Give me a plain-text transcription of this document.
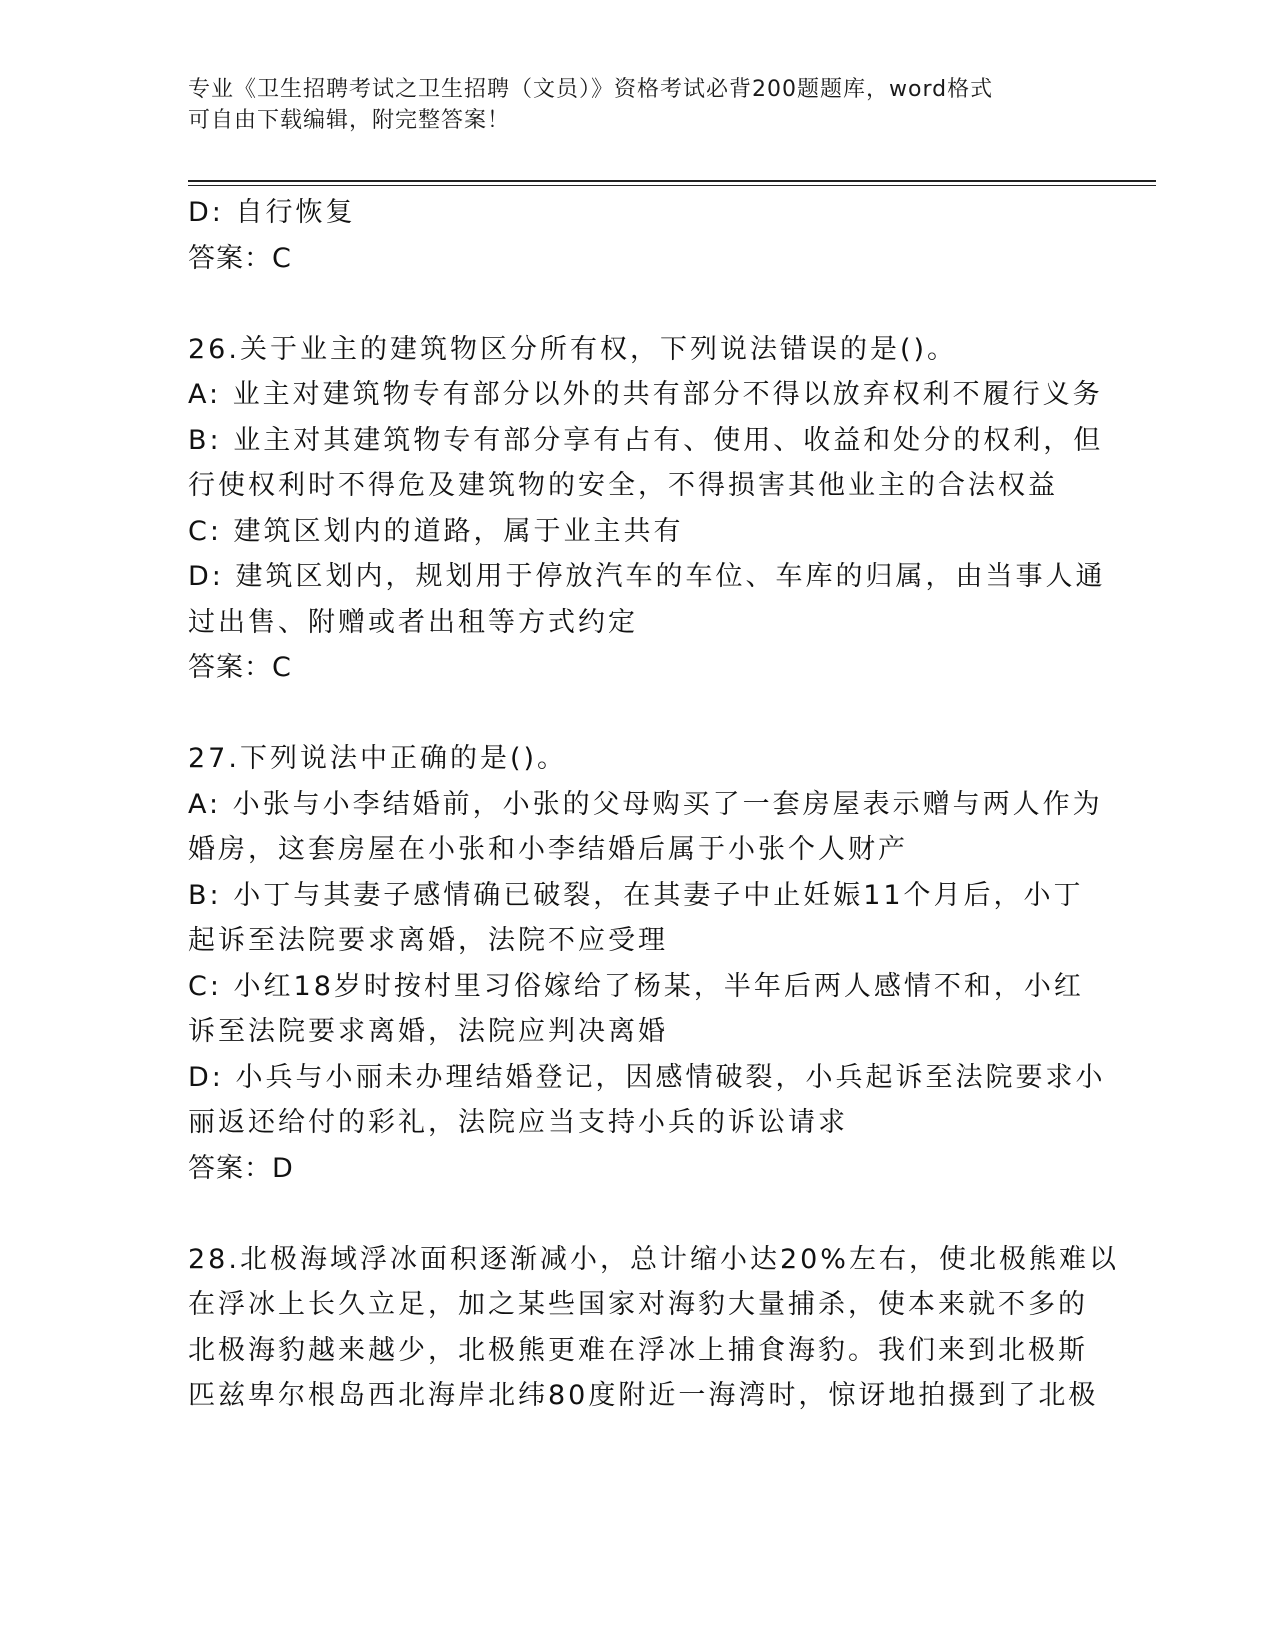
专业《卫生招聘考试之卫生招聘（文员）》资格考试必背200题题库，word格式
可自由下载编辑，附完整答案！
D: 自行恢复
答案：C
26.关于业主的建筑物区分所有权，下列说法错误的是()。
A: 业主对建筑物专有部分以外的共有部分不得以放弃权利不履行义务
B: 业主对其建筑物专有部分享有占有、使用、收益和处分的权利，但
行使权利时不得危及建筑物的安全，不得损害其他业主的合法权益
C: 建筑区划内的道路，属于业主共有
D: 建筑区划内，规划用于停放汽车的车位、车库的归属，由当事人通
过出售、附赠或者出租等方式约定
答案：C
27.下列说法中正确的是()。
A: 小张与小李结婚前，小张的父母购买了一套房屋表示赠与两人作为
婚房，这套房屋在小张和小李结婚后属于小张个人财产
B: 小丁与其妻子感情确已破裂，在其妻子中止妊娠11个月后，小丁
起诉至法院要求离婚，法院不应受理
C: 小红18岁时按村里习俗嫁给了杨某，半年后两人感情不和，小红
诉至法院要求离婚，法院应判决离婚
D: 小兵与小丽未办理结婚登记，因感情破裂，小兵起诉至法院要求小
丽返还给付的彩礼，法院应当支持小兵的诉讼请求
答案：D
28.北极海域浮冰面积逐渐减小，总计缩小达20%左右，使北极熊难以
在浮冰上长久立足，加之某些国家对海豹大量捕杀，使本来就不多的
北极海豹越来越少，北极熊更难在浮冰上捕食海豹。我们来到北极斯
匹兹卑尔根岛西北海岸北纬80度附近一海湾时，惊讶地拍摄到了北极
